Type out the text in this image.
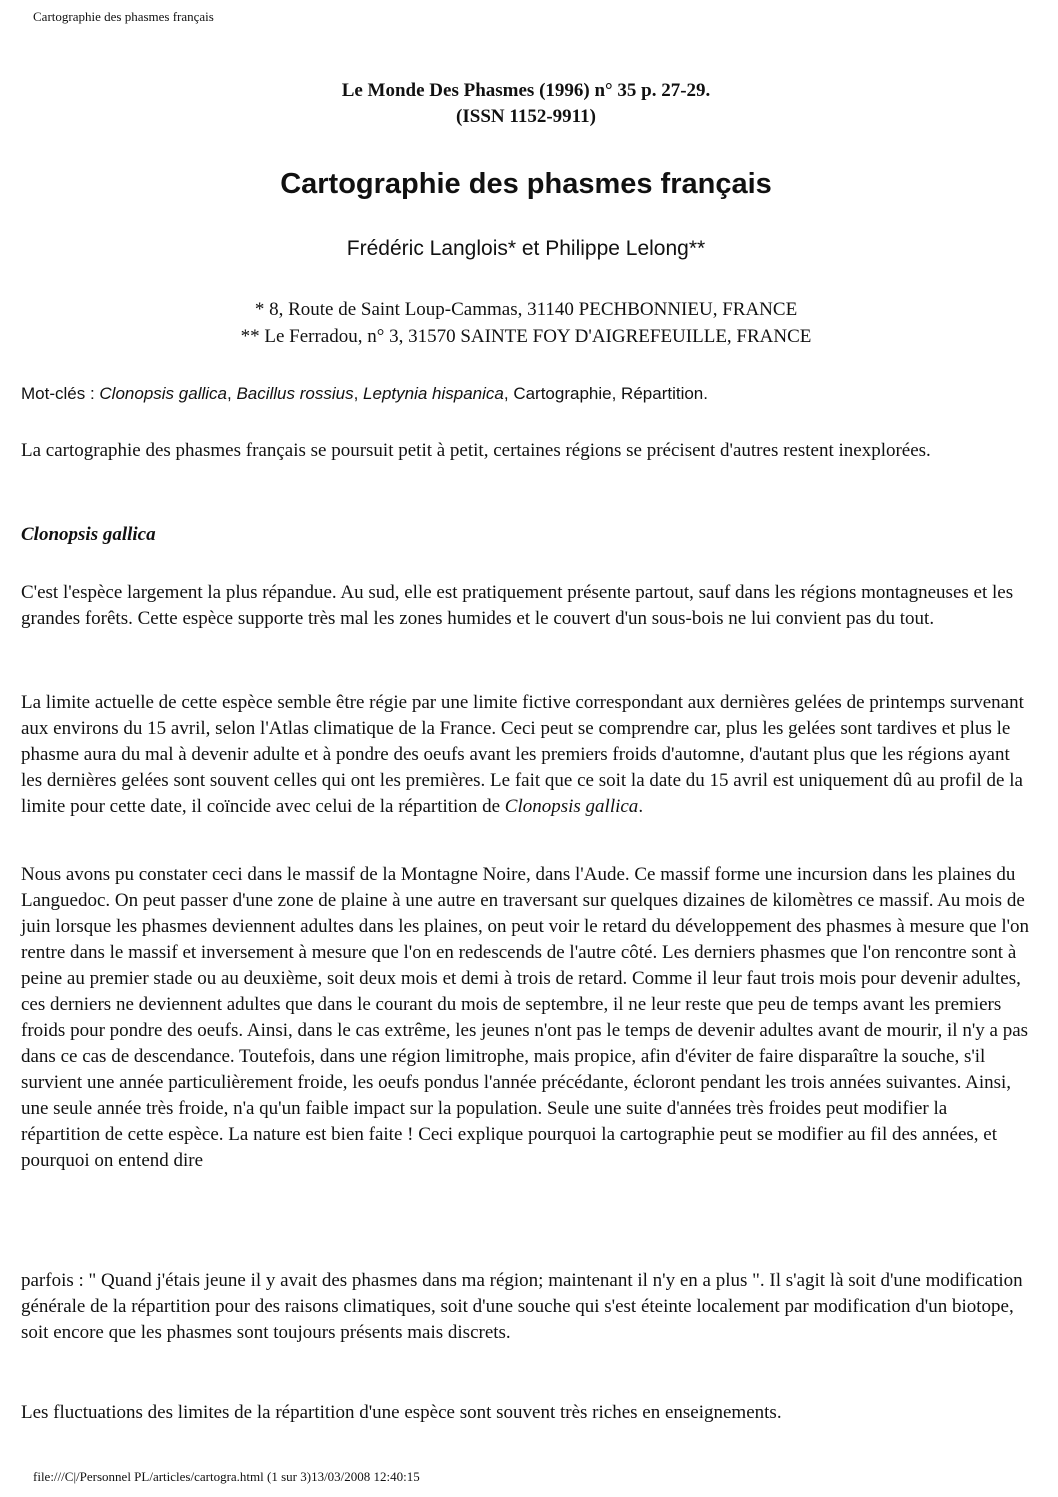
Cartographie des phasmes français

Le Monde Des Phasmes (1996) n° 35 p. 27-29.

(ISSN 1152-9911)

Cartographie des phasmes français
Frédéric Langlois* et Philippe Lelong**
* 8, Route de Saint Loup-Cammas, 31140 PECHBONNIEU, FRANCE
** Le Ferradou, n° 3, 31570 SAINTE FOY D'AIGREFEUILLE, FRANCE
Mot-clés : Clonopsis gallica, Bacillus rossius, Leptynia hispanica, Cartographie, Répartition.

La cartographie des phasmes français se poursuit petit à petit, certaines régions se précisent d'autres restent inexplorées.

Clonopsis gallica

C'est l'espèce largement la plus répandue. Au sud, elle est pratiquement présente partout, sauf dans les régions montagneuses et les grandes forêts. Cette espèce supporte très mal les zones humides et le couvert d'un sous-bois ne lui convient pas du tout.

La limite actuelle de cette espèce semble être régie par une limite fictive correspondant aux dernières gelées de printemps survenant aux environs du 15 avril, selon l'Atlas climatique de la France. Ceci peut se comprendre car, plus les gelées sont tardives et plus le phasme aura du mal à devenir adulte et à pondre des oeufs avant les premiers froids d'automne, d'autant plus que les régions ayant les dernières gelées sont souvent celles qui ont les premières. Le fait que ce soit la date du 15 avril est uniquement dû au profil de la limite pour cette date, il coïncide avec celui de la répartition de Clonopsis gallica.

Nous avons pu constater ceci dans le massif de la Montagne Noire, dans l'Aude. Ce massif forme une incursion dans les plaines du Languedoc. On peut passer d'une zone de plaine à une autre en traversant sur quelques dizaines de kilomètres ce massif. Au mois de juin lorsque les phasmes deviennent adultes dans les plaines, on peut voir le retard du développement des phasmes à mesure que l'on rentre dans le massif et inversement à mesure que l'on en redescends de l'autre côté. Les derniers phasmes que l'on rencontre sont à peine au premier stade ou au deuxième, soit deux mois et demi à trois de retard. Comme il leur faut trois mois pour devenir adultes, ces derniers ne deviennent adultes que dans le courant du mois de septembre, il ne leur reste que peu de temps avant les premiers froids pour pondre des oeufs. Ainsi, dans le cas extrême, les jeunes n'ont pas le temps de devenir adultes avant de mourir, il n'y a pas dans ce cas de descendance. Toutefois, dans une région limitrophe, mais propice, afin d'éviter de faire disparaître la souche, s'il survient une année particulièrement froide, les oeufs pondus l'année précédante, écloront pendant les trois années suivantes. Ainsi, une seule année très froide, n'a qu'un faible impact sur la population. Seule une suite d'années très froides peut modifier la répartition de cette espèce. La nature est bien faite ! Ceci explique pourquoi la cartographie peut se modifier au fil des années, et pourquoi on entend dire

parfois : " Quand j'étais jeune il y avait des phasmes dans ma région; maintenant il n'y en a plus ". Il s'agit là soit d'une modification générale de la répartition pour des raisons climatiques, soit d'une souche qui s'est éteinte localement par modification d'un biotope, soit encore que les phasmes sont toujours présents mais discrets.

Les fluctuations des limites de la répartition d'une espèce sont souvent très riches en enseignements.

file:///C|/Personnel PL/articles/cartogra.html (1 sur 3)13/03/2008 12:40:15
